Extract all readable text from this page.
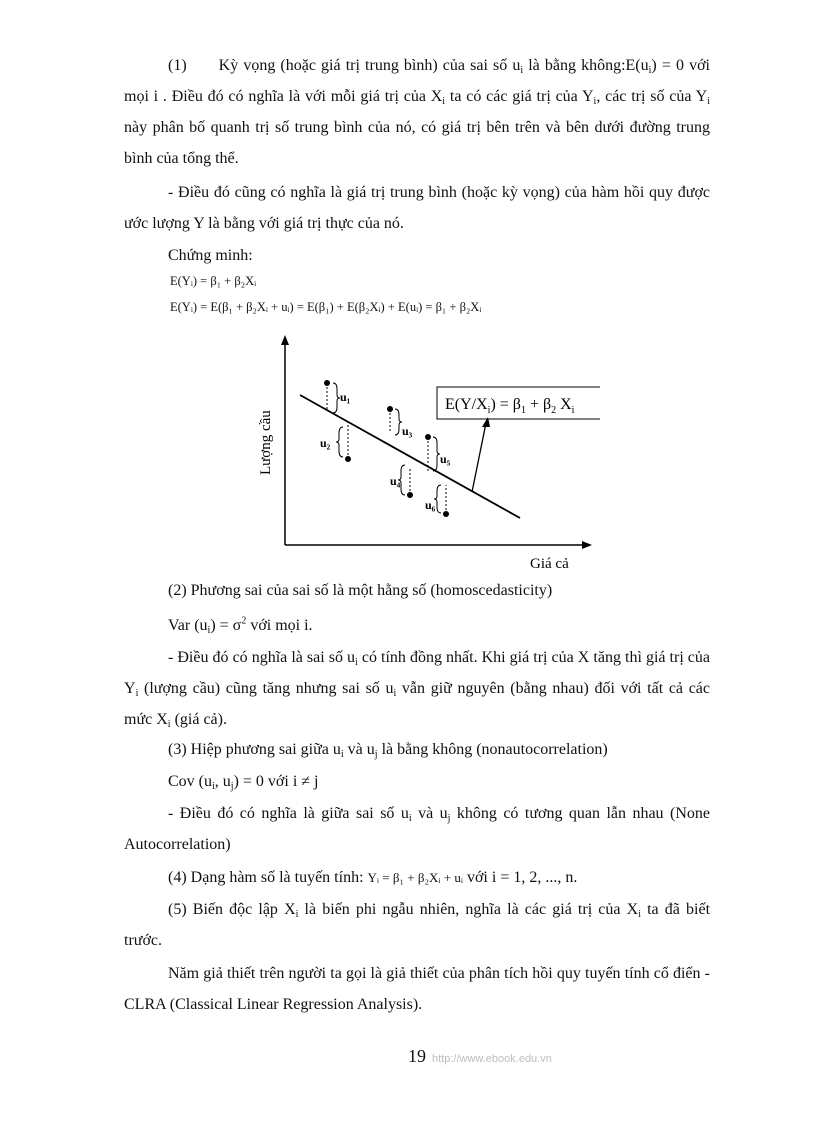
(1) Kỳ vọng (hoặc giá trị trung bình) của sai số $u_i$ là bằng $không:E(u_i) = 0$ với mọi i . Điều đó có nghĩa là với mỗi giá trị của $X_i$ ta có các giá trị của $Y_i$, các trị số của $Y_i$ này phân bố quanh trị số trung bình của nó, có giá trị bên trên và bên dưới đường trung bình của tổng thể.

- Điều đó cũng có nghĩa là giá trị trung bình (hoặc kỳ vọng) của hàm hồi quy được ước lượng Y là bằng với giá trị thực của nó.

Chứng minh:

E(Yᵢ) = β₁ + β₂Xᵢ
E(Yᵢ) = E(β₁ + β₂Xᵢ + uᵢ) = E(β₁) + E(β₂Xᵢ) + E(uᵢ) = β₁ + β₂Xᵢ
Lượng cầu
Giá cả
$E(Y/X_i) = \beta_1 + \beta_2$ $X_i$
u₁
u₂
u₃
u₄
u₅
u₆

(2) Phương sai của sai số là một hằng số (homoscedasticity)

Var $(u_i) = \sigma^2$ với mọi i.

- Điều đó có nghĩa là sai số $u_i$ có tính đồng nhất. Khi giá trị của X tăng thì giá trị của $Y_i$ (lượng cầu) cũng tăng nhưng sai số $u_i$ vẫn giữ nguyên (bằng nhau) đối với tất cả các mức $X_i$ (giá cả).

(3) Hiệp phương sai giữa $u_i$ và $u_j$ là bằng không (nonautocorrelation)

Cov ($u_i$, $u_j) = 0$ với i ≠ j

- Điều đó có nghĩa là giữa sai số $u_i$ và $u_j$ không có tương quan lẫn nhau (None Autocorrelation)

(4) Dạng hàm số là tuyến tính: Yᵢ = β₁ + β₂Xᵢ + uᵢ với i = 1, 2, ..., n.

(5) Biến độc lập $X_i$ là biến phi ngẫu nhiên, nghĩa là các giá trị của $X_i$ ta đã biết trước.

Năm giả thiết trên người ta gọi là giả thiết của phân tích hồi quy tuyến tính cổ điển - CLRA (Classical Linear Regression Analysis).

19 http://www.ebook.edu.vn
